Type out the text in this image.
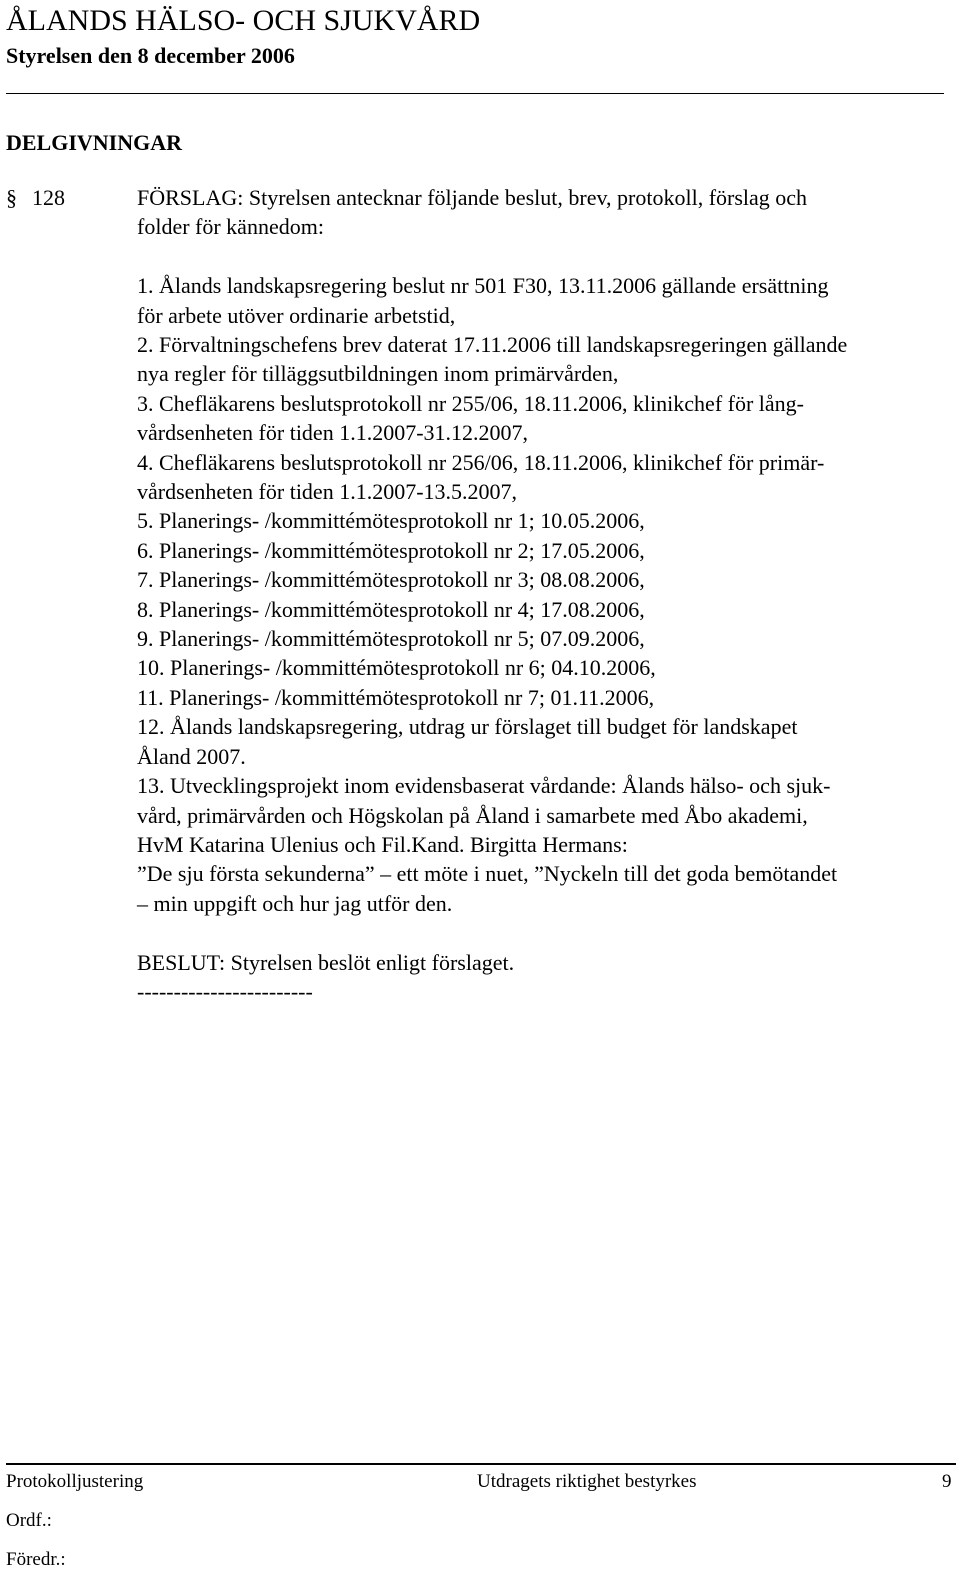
ÅLANDS HÄLSO- OCH SJUKVÅRD
Styrelsen den 8 december 2006
DELGIVNINGAR
§ 128	FÖRSLAG: Styrelsen antecknar följande beslut, brev, protokoll, förslag och
folder för kännedom:

1. Ålands landskapsregering beslut nr 501 F30, 13.11.2006 gällande ersättning
för arbete utöver ordinarie arbetstid,
2. Förvaltningschefens brev daterat 17.11.2006 till landskapsregeringen gällande
nya regler för tilläggsutbildningen inom primärvården,
3. Chefläkarens beslutsprotokoll nr 255/06, 18.11.2006, klinikchef för lång-
vårdsenheten för tiden 1.1.2007-31.12.2007,
4. Chefläkarens beslutsprotokoll nr 256/06, 18.11.2006, klinikchef för primär-
vårdsenheten för tiden 1.1.2007-13.5.2007,
5. Planerings- /kommittémötesprotokoll nr 1; 10.05.2006,
6. Planerings- /kommittémötesprotokoll nr 2; 17.05.2006,
7. Planerings- /kommittémötesprotokoll nr 3; 08.08.2006,
8. Planerings- /kommittémötesprotokoll nr 4; 17.08.2006,
9. Planerings- /kommittémötesprotokoll nr 5; 07.09.2006,
10. Planerings- /kommittémötesprotokoll nr 6; 04.10.2006,
11. Planerings- /kommittémötesprotokoll nr 7; 01.11.2006,
12. Ålands landskapsregering, utdrag ur förslaget till budget för landskapet
Åland 2007.
13. Utvecklingsprojekt inom evidensbaserat vårdande: Ålands hälso- och sjuk-
vård, primärvården och Högskolan på Åland i samarbete med Åbo akademi,
HvM Katarina Ulenius och Fil.Kand. Birgitta Hermans:
”De sju första sekunderna” – ett möte i nuet, ”Nyckeln till det goda bemötandet
– min uppgift och hur jag utför den.

BESLUT: Styrelsen beslöt enligt förslaget.
------------------------

Protokolljustering	Utdragets riktighet bestyrkes	9
Ordf.:
Föredr.:
